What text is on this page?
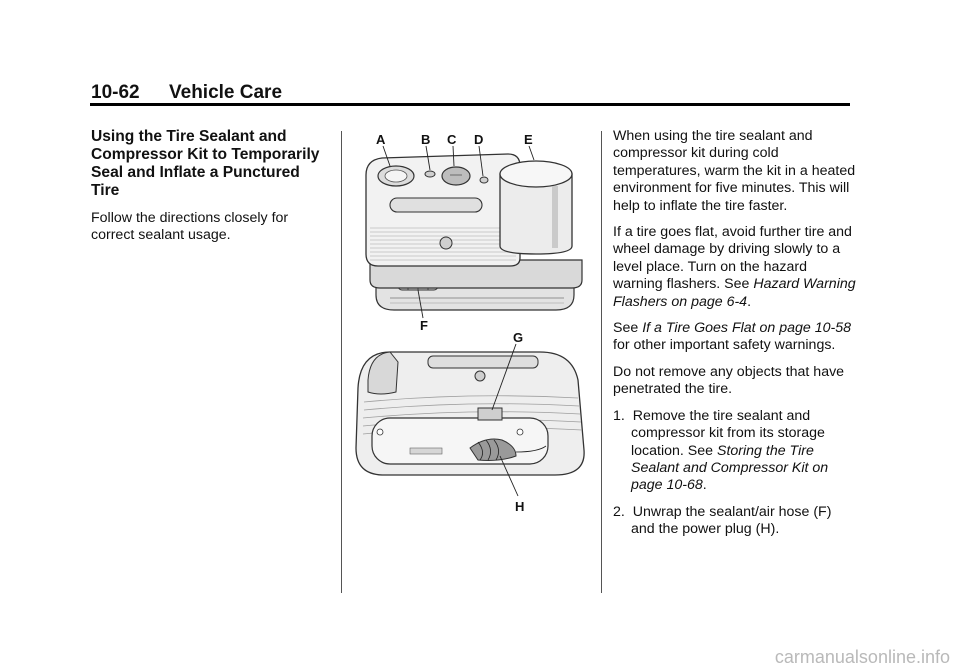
10-62 Vehicle Care
Using the Tire Sealant and Compressor Kit to Temporarily Seal and Inflate a Punctured Tire

Follow the directions closely for correct sealant usage.

A	B C D	E
F
G
H

When using the tire sealant and compressor kit during cold temperatures, warm the kit in a heated environment for five minutes. This will help to inflate the tire faster.

If a tire goes flat, avoid further tire and wheel damage by driving slowly to a level place. Turn on the hazard warning flashers. See Hazard Warning Flashers on page 6-4.

See If a Tire Goes Flat on page 10-58 for other important safety warnings.

Do not remove any objects that have penetrated the tire.

1. Remove the tire sealant and compressor kit from its storage location. See Storing the Tire Sealant and Compressor Kit on page 10-68.
2. Unwrap the sealant/air hose (F) and the power plug (H).
carmanualsonline.info
